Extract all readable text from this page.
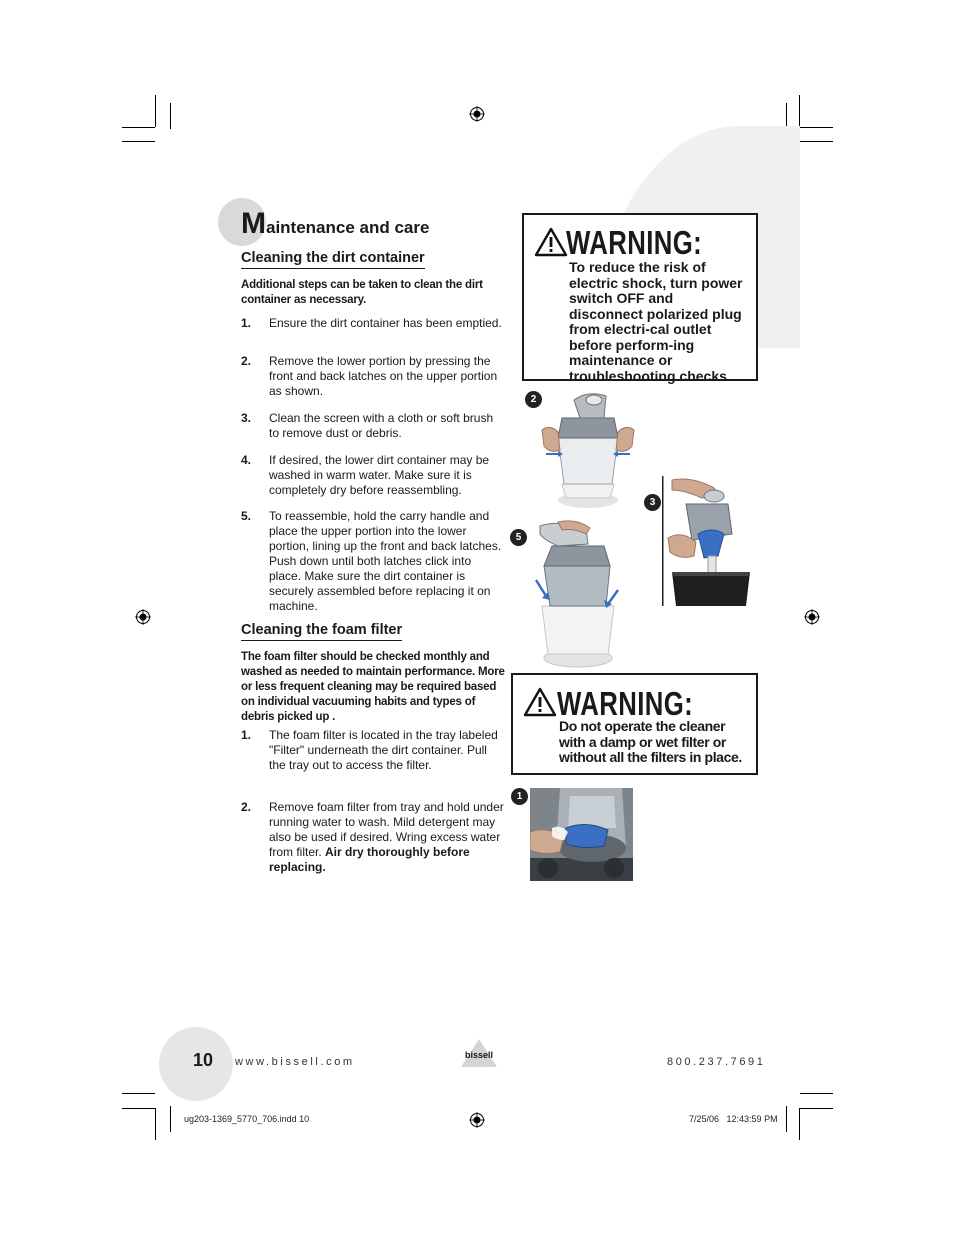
Maintenance and care
Cleaning the dirt container
Additional steps can be taken to clean the dirt container as necessary.
1. Ensure the dirt container has been emptied.
2. Remove the lower portion by pressing the front and back latches on the upper portion as shown.
3. Clean the screen with a cloth or soft brush to remove dust or debris.
4. If desired, the lower dirt container may be washed in warm water. Make sure it is completely dry before reassembling.
5. To reassemble, hold the carry handle and place the upper portion into the lower portion, lining up the front and back latches. Push down until both latches click into place. Make sure the dirt container is securely assembled before replacing it on machine.
Cleaning the foam filter
The foam filter should be checked monthly and washed as needed to maintain performance. More or less frequent cleaning may be required based on individual vacuuming habits and types of debris picked up .
1. The foam filter is located in the tray labeled "Filter" underneath the dirt container. Pull the tray out to access the filter.
2. Remove foam filter from tray and hold under running water to wash. Mild detergent may also be used if desired. Wring excess water from filter. Air dry thoroughly before replacing.
WARNING:
To reduce the risk of electric shock, turn power switch OFF and disconnect polarized plug from electri-cal outlet before perform-ing maintenance or troubleshooting checks.
2
3
5
WARNING:
Do not operate the cleaner with a damp or wet filter or without all the filters in place.
1
10 www.bissell.com
bissell
800.237.7691
ug203-1369_5770_706.indd 10	7/25/06   12:43:59 PM
